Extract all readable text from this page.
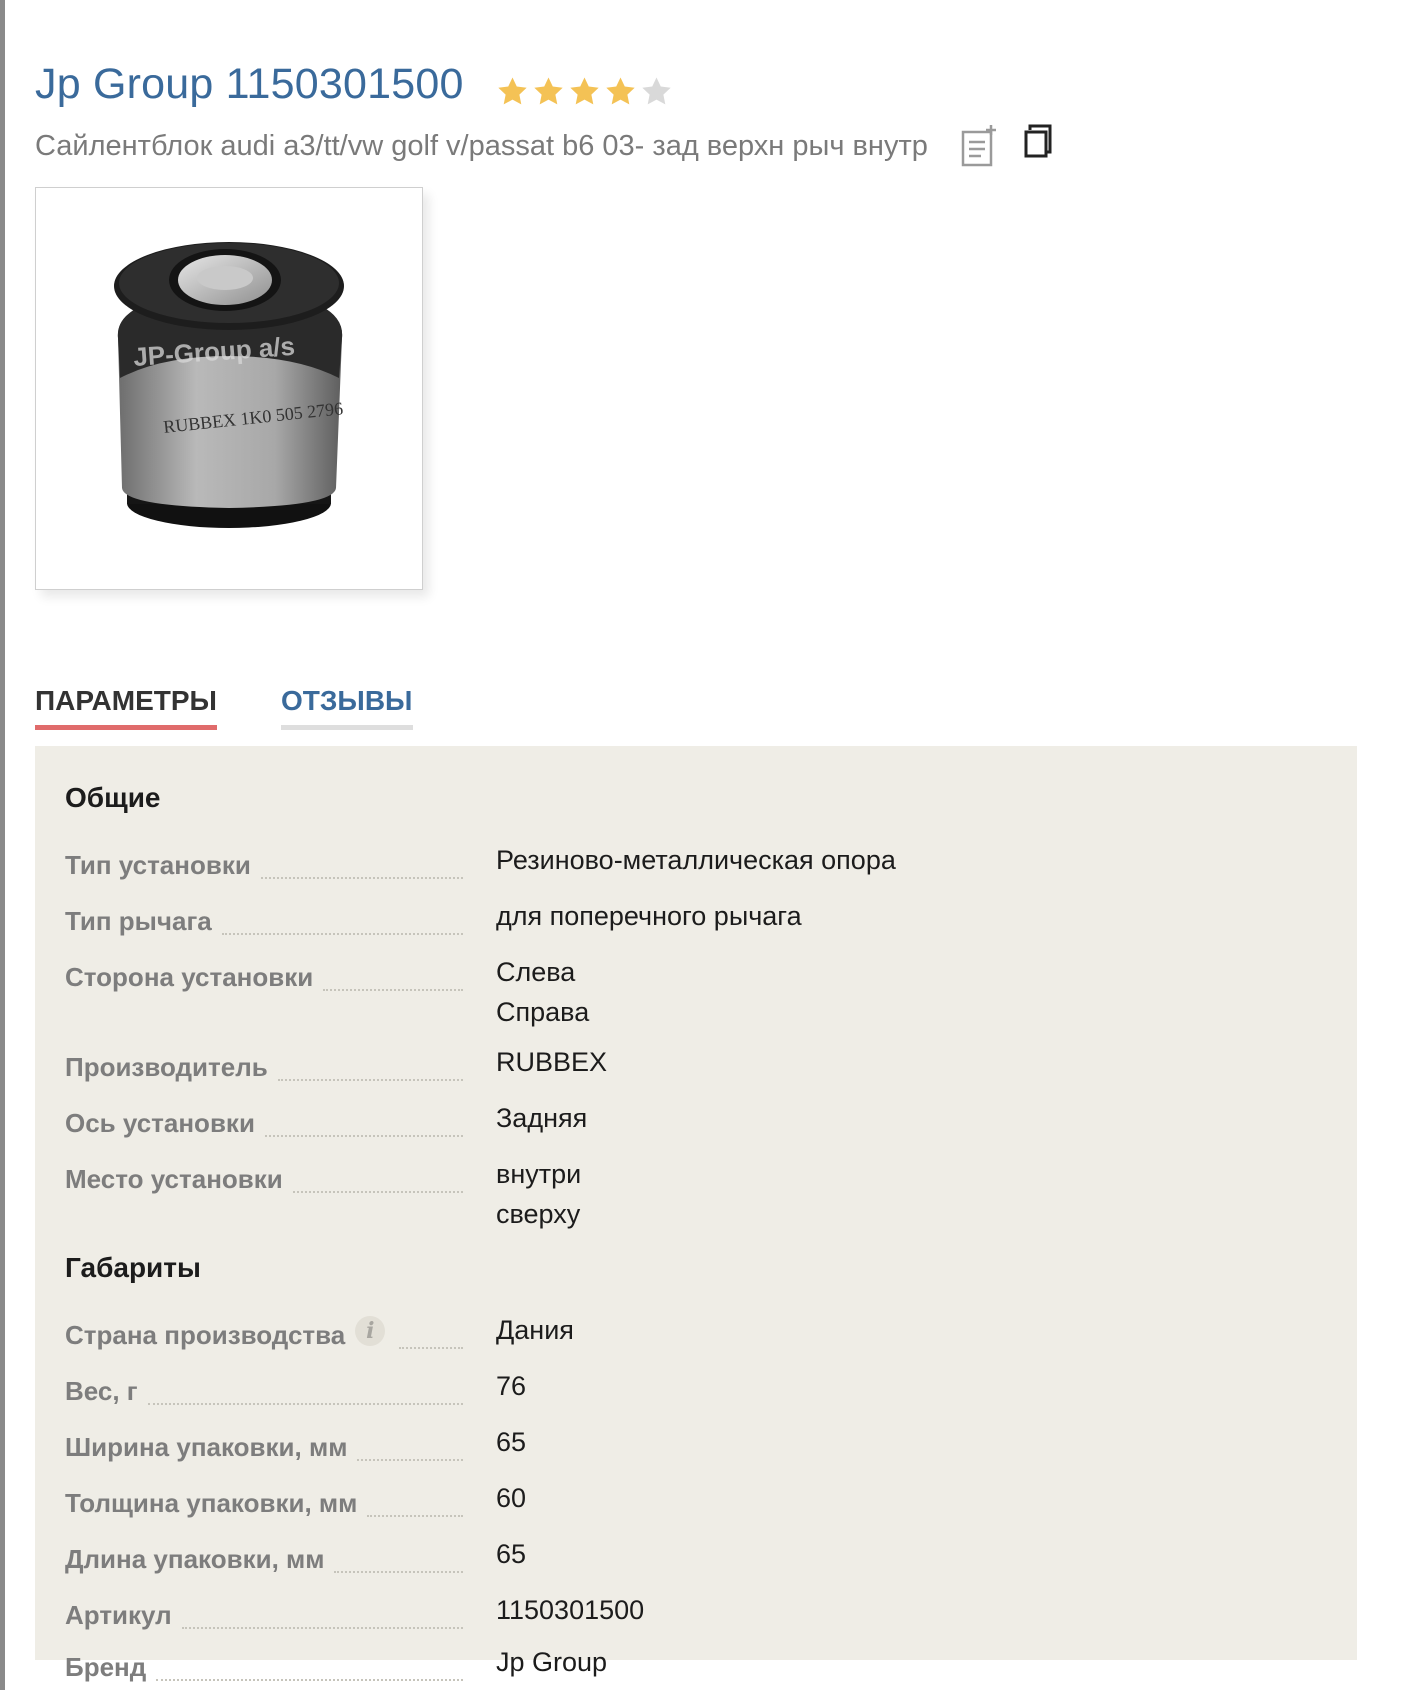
Jp Group 1150301500
Сайлентблок audi a3/tt/vw golf v/passat b6 03- зад верхн рыч внутр
JP-Group a/s
RUBBEX 1K0 505 2796
ПАРАМЕТРЫ ОТЗЫВЫ
Общие
Тип установки	Резиново-металлическая опора
Тип рычага	для поперечного рычага
Сторона установки	Слева
Справа
Производитель	RUBBEX
Ось установки	Задняя
Место установки	внутри
сверху
Габариты
Страна производства i	Дания
Вес, г	76
Ширина упаковки, мм	65
Толщина упаковки, мм	60
Длина упаковки, мм	65
Артикул	1150301500
Бренд	Jp Group
